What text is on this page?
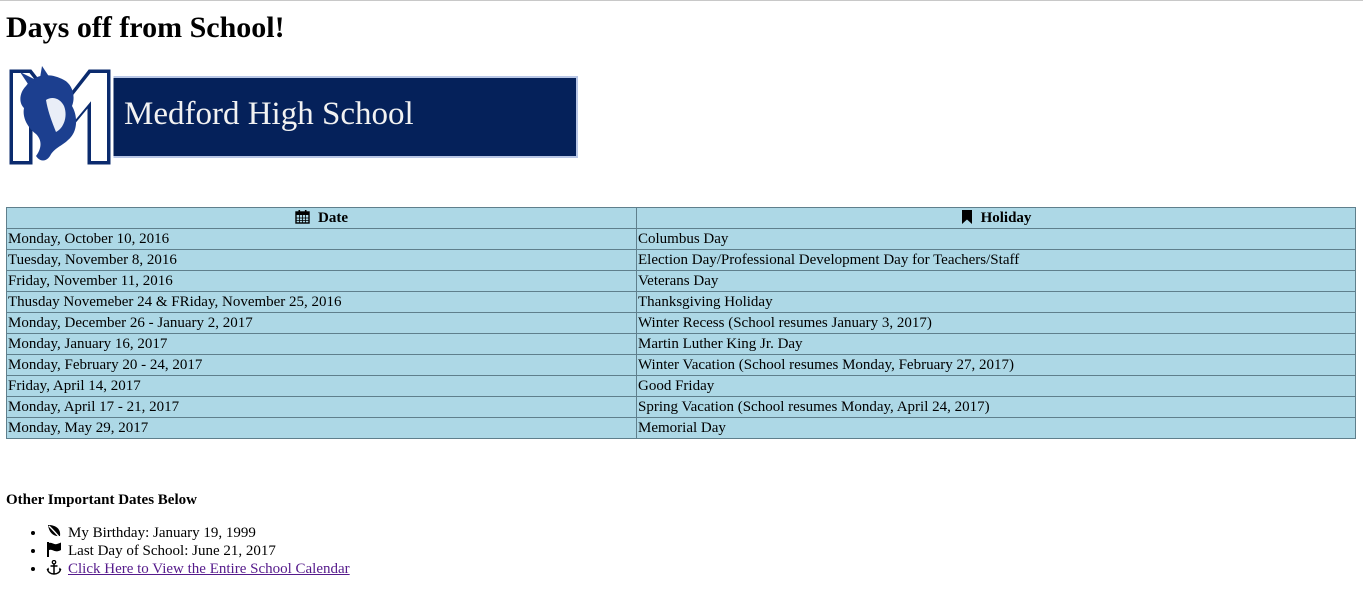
Days off from School!
Medford High School
Date	Holiday
Monday, October 10, 2016	Columbus Day
Tuesday, November 8, 2016	Election Day/Professional Development Day for Teachers/Staff
Friday, November 11, 2016	Veterans Day
Thusday Novemeber 24 & FRiday, November 25, 2016	Thanksgiving Holiday
Monday, December 26 - January 2, 2017	Winter Recess (School resumes January 3, 2017)
Monday, January 16, 2017	Martin Luther King Jr. Day
Monday, February 20 - 24, 2017	Winter Vacation (School resumes Monday, February 27, 2017)
Friday, April 14, 2017	Good Friday
Monday, April 17 - 21, 2017	Spring Vacation (School resumes Monday, April 24, 2017)
Monday, May 29, 2017	Memorial Day
Other Important Dates Below
• My Birthday: January 19, 1999
• Last Day of School: June 21, 2017
• Click Here to View the Entire School Calendar
